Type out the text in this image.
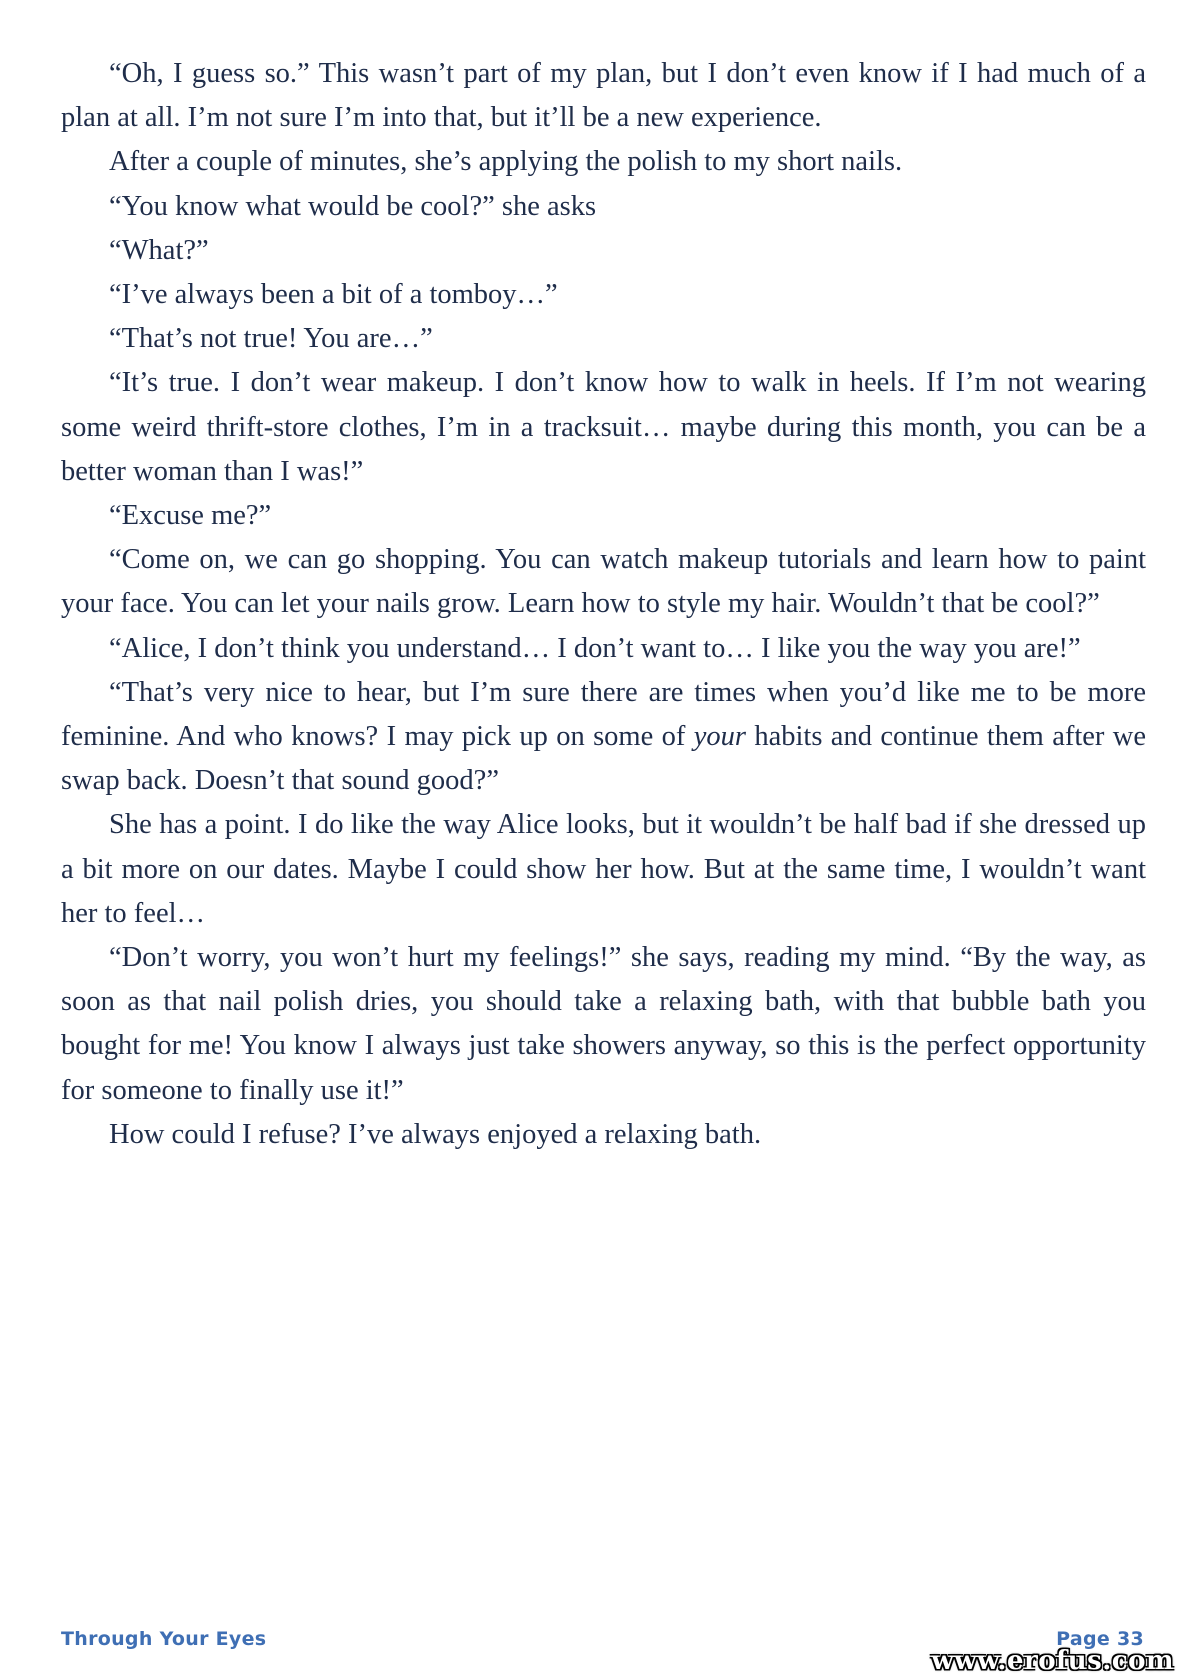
“Oh, I guess so.” This wasn’t part of my plan, but I don’t even know if I had much of a plan at all. I’m not sure I’m into that, but it’ll be a new experience.

After a couple of minutes, she’s applying the polish to my short nails.

“You know what would be cool?” she asks

“What?”

“I’ve always been a bit of a tomboy…”

“That’s not true! You are…”

“It’s true. I don’t wear makeup. I don’t know how to walk in heels. If I’m not wearing some weird thrift-store clothes, I’m in a tracksuit… maybe during this month, you can be a better woman than I was!”

“Excuse me?”

“Come on, we can go shopping. You can watch makeup tutorials and learn how to paint your face. You can let your nails grow. Learn how to style my hair. Wouldn’t that be cool?”

“Alice, I don’t think you understand… I don’t want to… I like you the way you are!”

“That’s very nice to hear, but I’m sure there are times when you’d like me to be more feminine. And who knows? I may pick up on some of your habits and continue them after we swap back. Doesn’t that sound good?”

She has a point. I do like the way Alice looks, but it wouldn’t be half bad if she dressed up a bit more on our dates. Maybe I could show her how. But at the same time, I wouldn’t want her to feel…

“Don’t worry, you won’t hurt my feelings!” she says, reading my mind. “By the way, as soon as that nail polish dries, you should take a relaxing bath, with that bubble bath you bought for me! You know I always just take showers anyway, so this is the perfect opportunity for someone to finally use it!”

How could I refuse? I’ve always enjoyed a relaxing bath.

Through Your Eyes	Page 33
www.erofus.com
